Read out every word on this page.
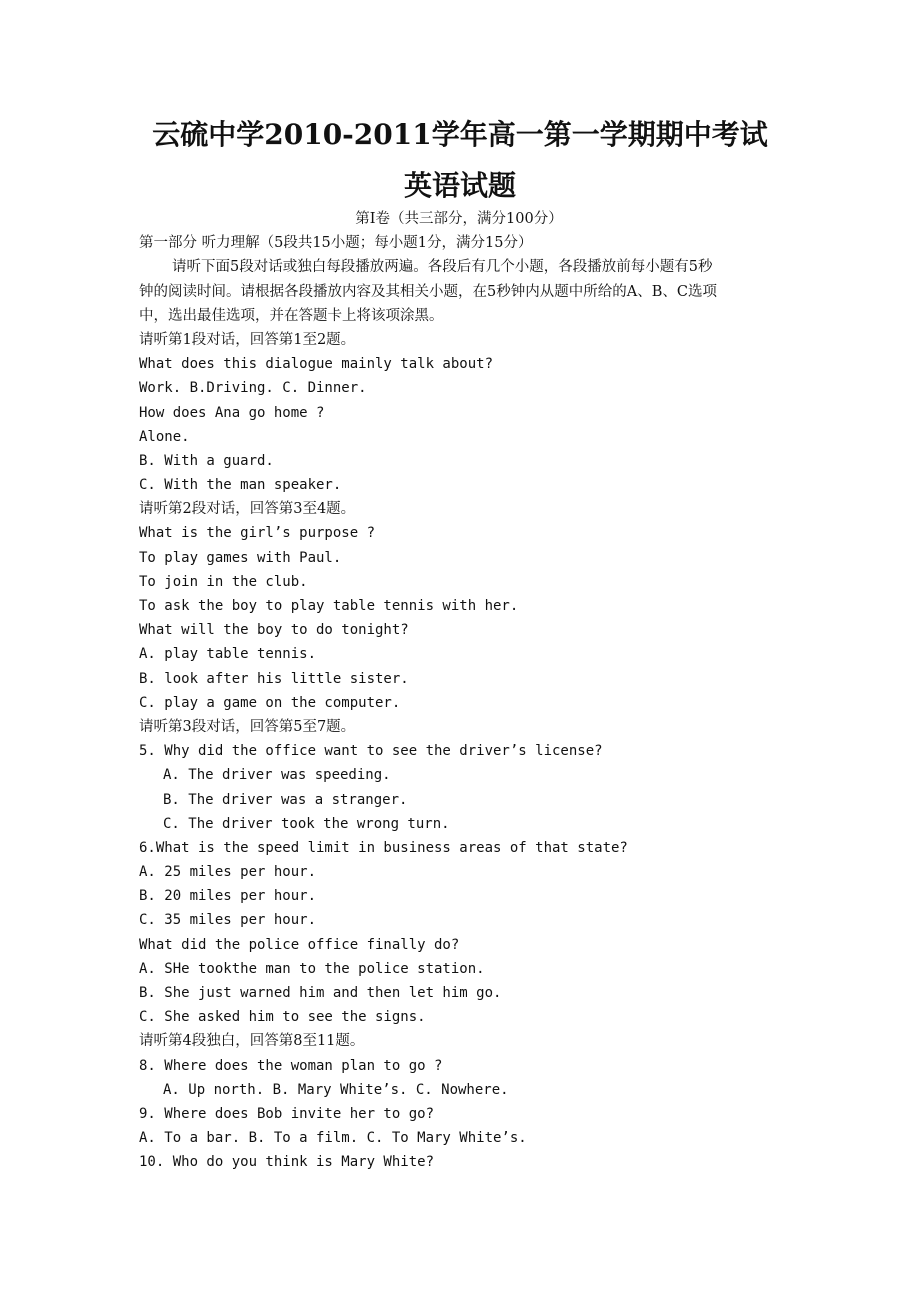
云硫中学2010-2011学年高一第一学期期中考试
英语试题
第Ⅰ卷（共三部分，满分100分）
第一部分 听力理解（5段共15小题；每小题1分，满分15分）
请听下面5段对话或独白每段播放两遍。各段后有几个小题，各段播放前每小题有5秒
钟的阅读时间。请根据各段播放内容及其相关小题，在5秒钟内从题中所给的A、B、C选项
中，选出最佳选项，并在答题卡上将该项涂黑。
请听第1段对话，回答第1至2题。
What does this dialogue mainly talk about?
Work. B.Driving. C. Dinner.
How does Ana go home ?
Alone.
B. With a guard.
C. With the man speaker.
请听第2段对话，回答第3至4题。
What is the girl’s purpose ?
To play games with Paul.
To join in the club.
To ask the boy to play table tennis with her.
What will the boy to do tonight?
A. play table tennis.
B. look after his little sister.
C. play a game on the computer.
请听第3段对话，回答第5至7题。
5. Why did the office want to see the driver’s license?
A. The driver was speeding.
B. The driver was a stranger.
C. The driver took the wrong turn.
6.What is the speed limit in business areas of that state?
A. 25 miles per hour.
B. 20 miles per hour.
C. 35 miles per hour.
What did the police office finally do?
A. SHe tookthe man to the police station.
B. She just warned him and then let him go.
C. She asked him to see the signs.
请听第4段独白，回答第8至11题。
8. Where does the woman plan to go ?
A. Up north. B. Mary White’s. C. Nowhere.
9. Where does Bob invite her to go?
A. To a bar. B. To a film. C. To Mary White’s.
10. Who do you think is Mary White?
